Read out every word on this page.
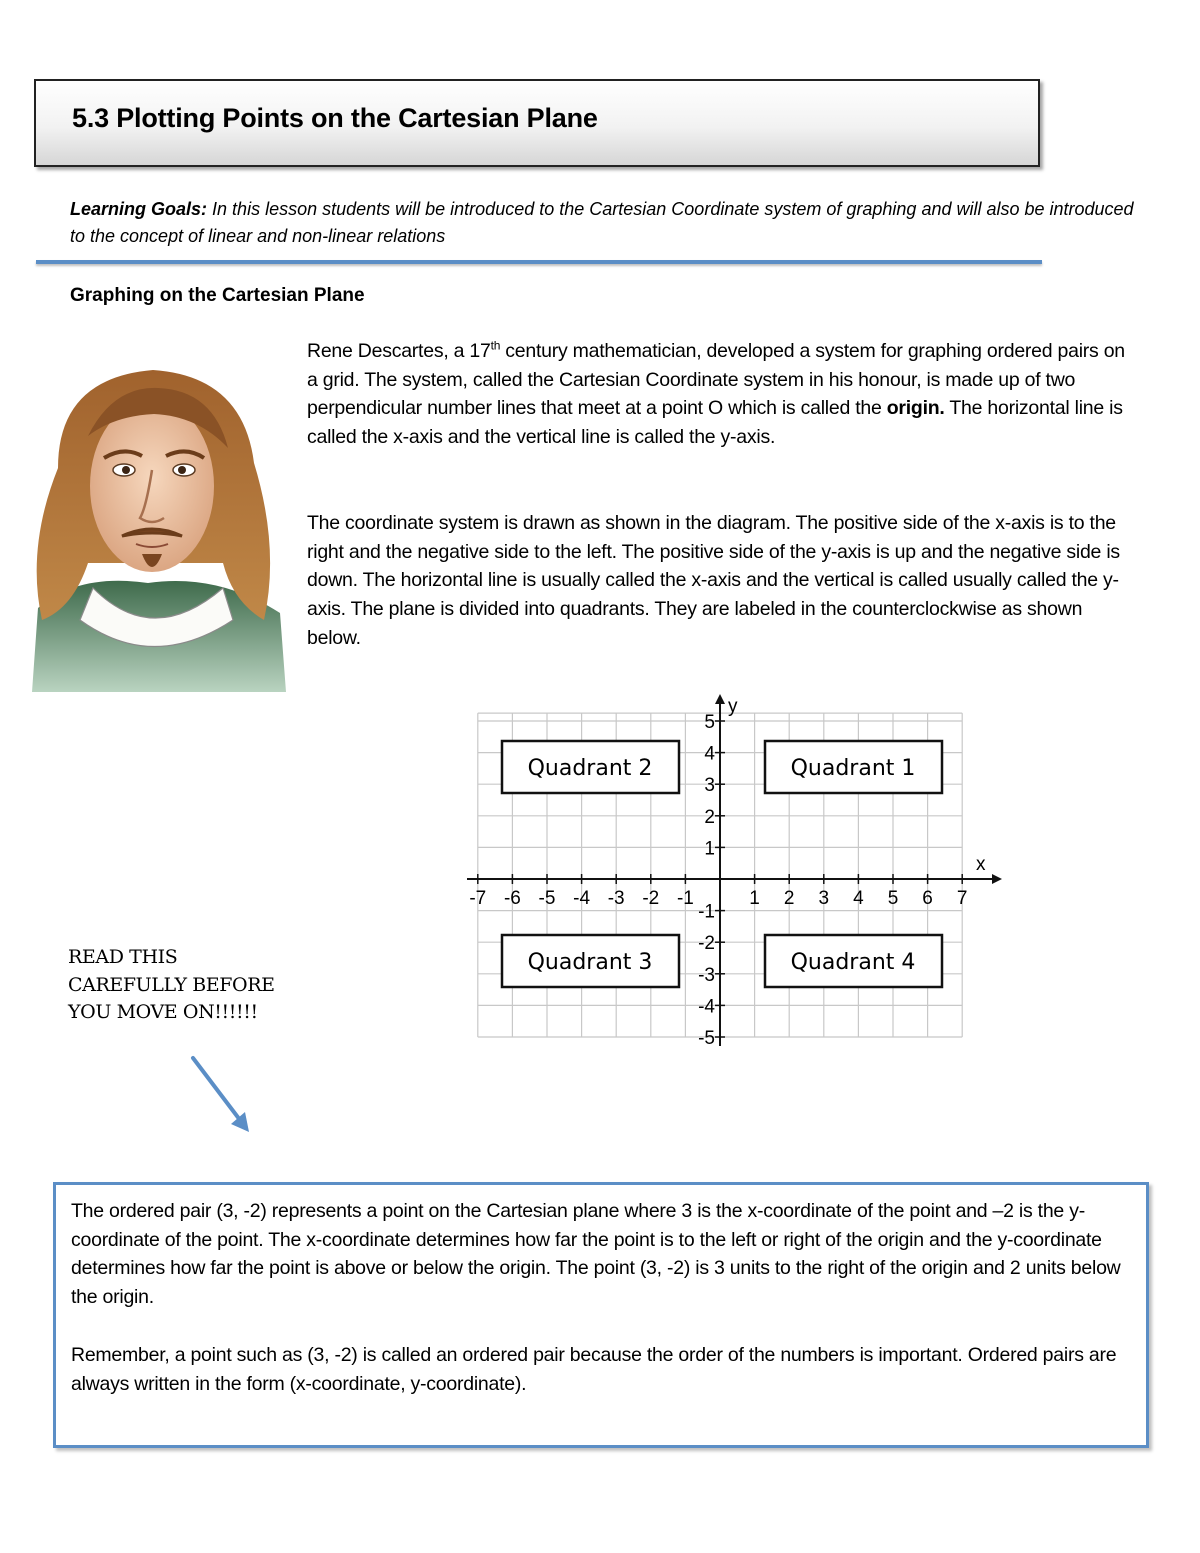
5.3 Plotting Points on the Cartesian Plane
Learning Goals: In this lesson students will be introduced to the Cartesian Coordinate system of graphing and will also be introduced to the concept of linear and non-linear relations
Graphing on the Cartesian Plane

Rene Descartes, a 17th century mathematician, developed a system for graphing ordered pairs on a grid. The system, called the Cartesian Coordinate system in his honour, is made up of two perpendicular number lines that meet at a point O which is called the origin. The horizontal line is called the x-axis and the vertical line is called the y-axis.

The coordinate system is drawn as shown in the diagram. The positive side of the x-axis is to the right and the negative side to the left. The positive side of the y-axis is up and the negative side is down. The horizontal line is usually called the x-axis and the vertical is called usually called the y-axis. The plane is divided into quadrants. They are labeled in the counterclockwise as shown below.

-7 -6 -5 -4 -3 -2 -1	1 2 3 4 5 6 7
5
4
3
2
1
-1
-2
-3
-4
-5
y
x
Quadrant 2	Quadrant 1
Quadrant 3	Quadrant 4
READ THIS CAREFULLY BEFORE YOU MOVE ON!!!!!!

The ordered pair (3, -2) represents a point on the Cartesian plane where 3 is the x-coordinate of the point and –2 is the y-coordinate of the point. The x-coordinate determines how far the point is to the left or right of the origin and the y-coordinate determines how far the point is above or below the origin. The point (3, -2) is 3 units to the right of the origin and 2 units below the origin.

Remember, a point such as (3, -2) is called an ordered pair because the order of the numbers is important. Ordered pairs are always written in the form (x-coordinate, y-coordinate).
